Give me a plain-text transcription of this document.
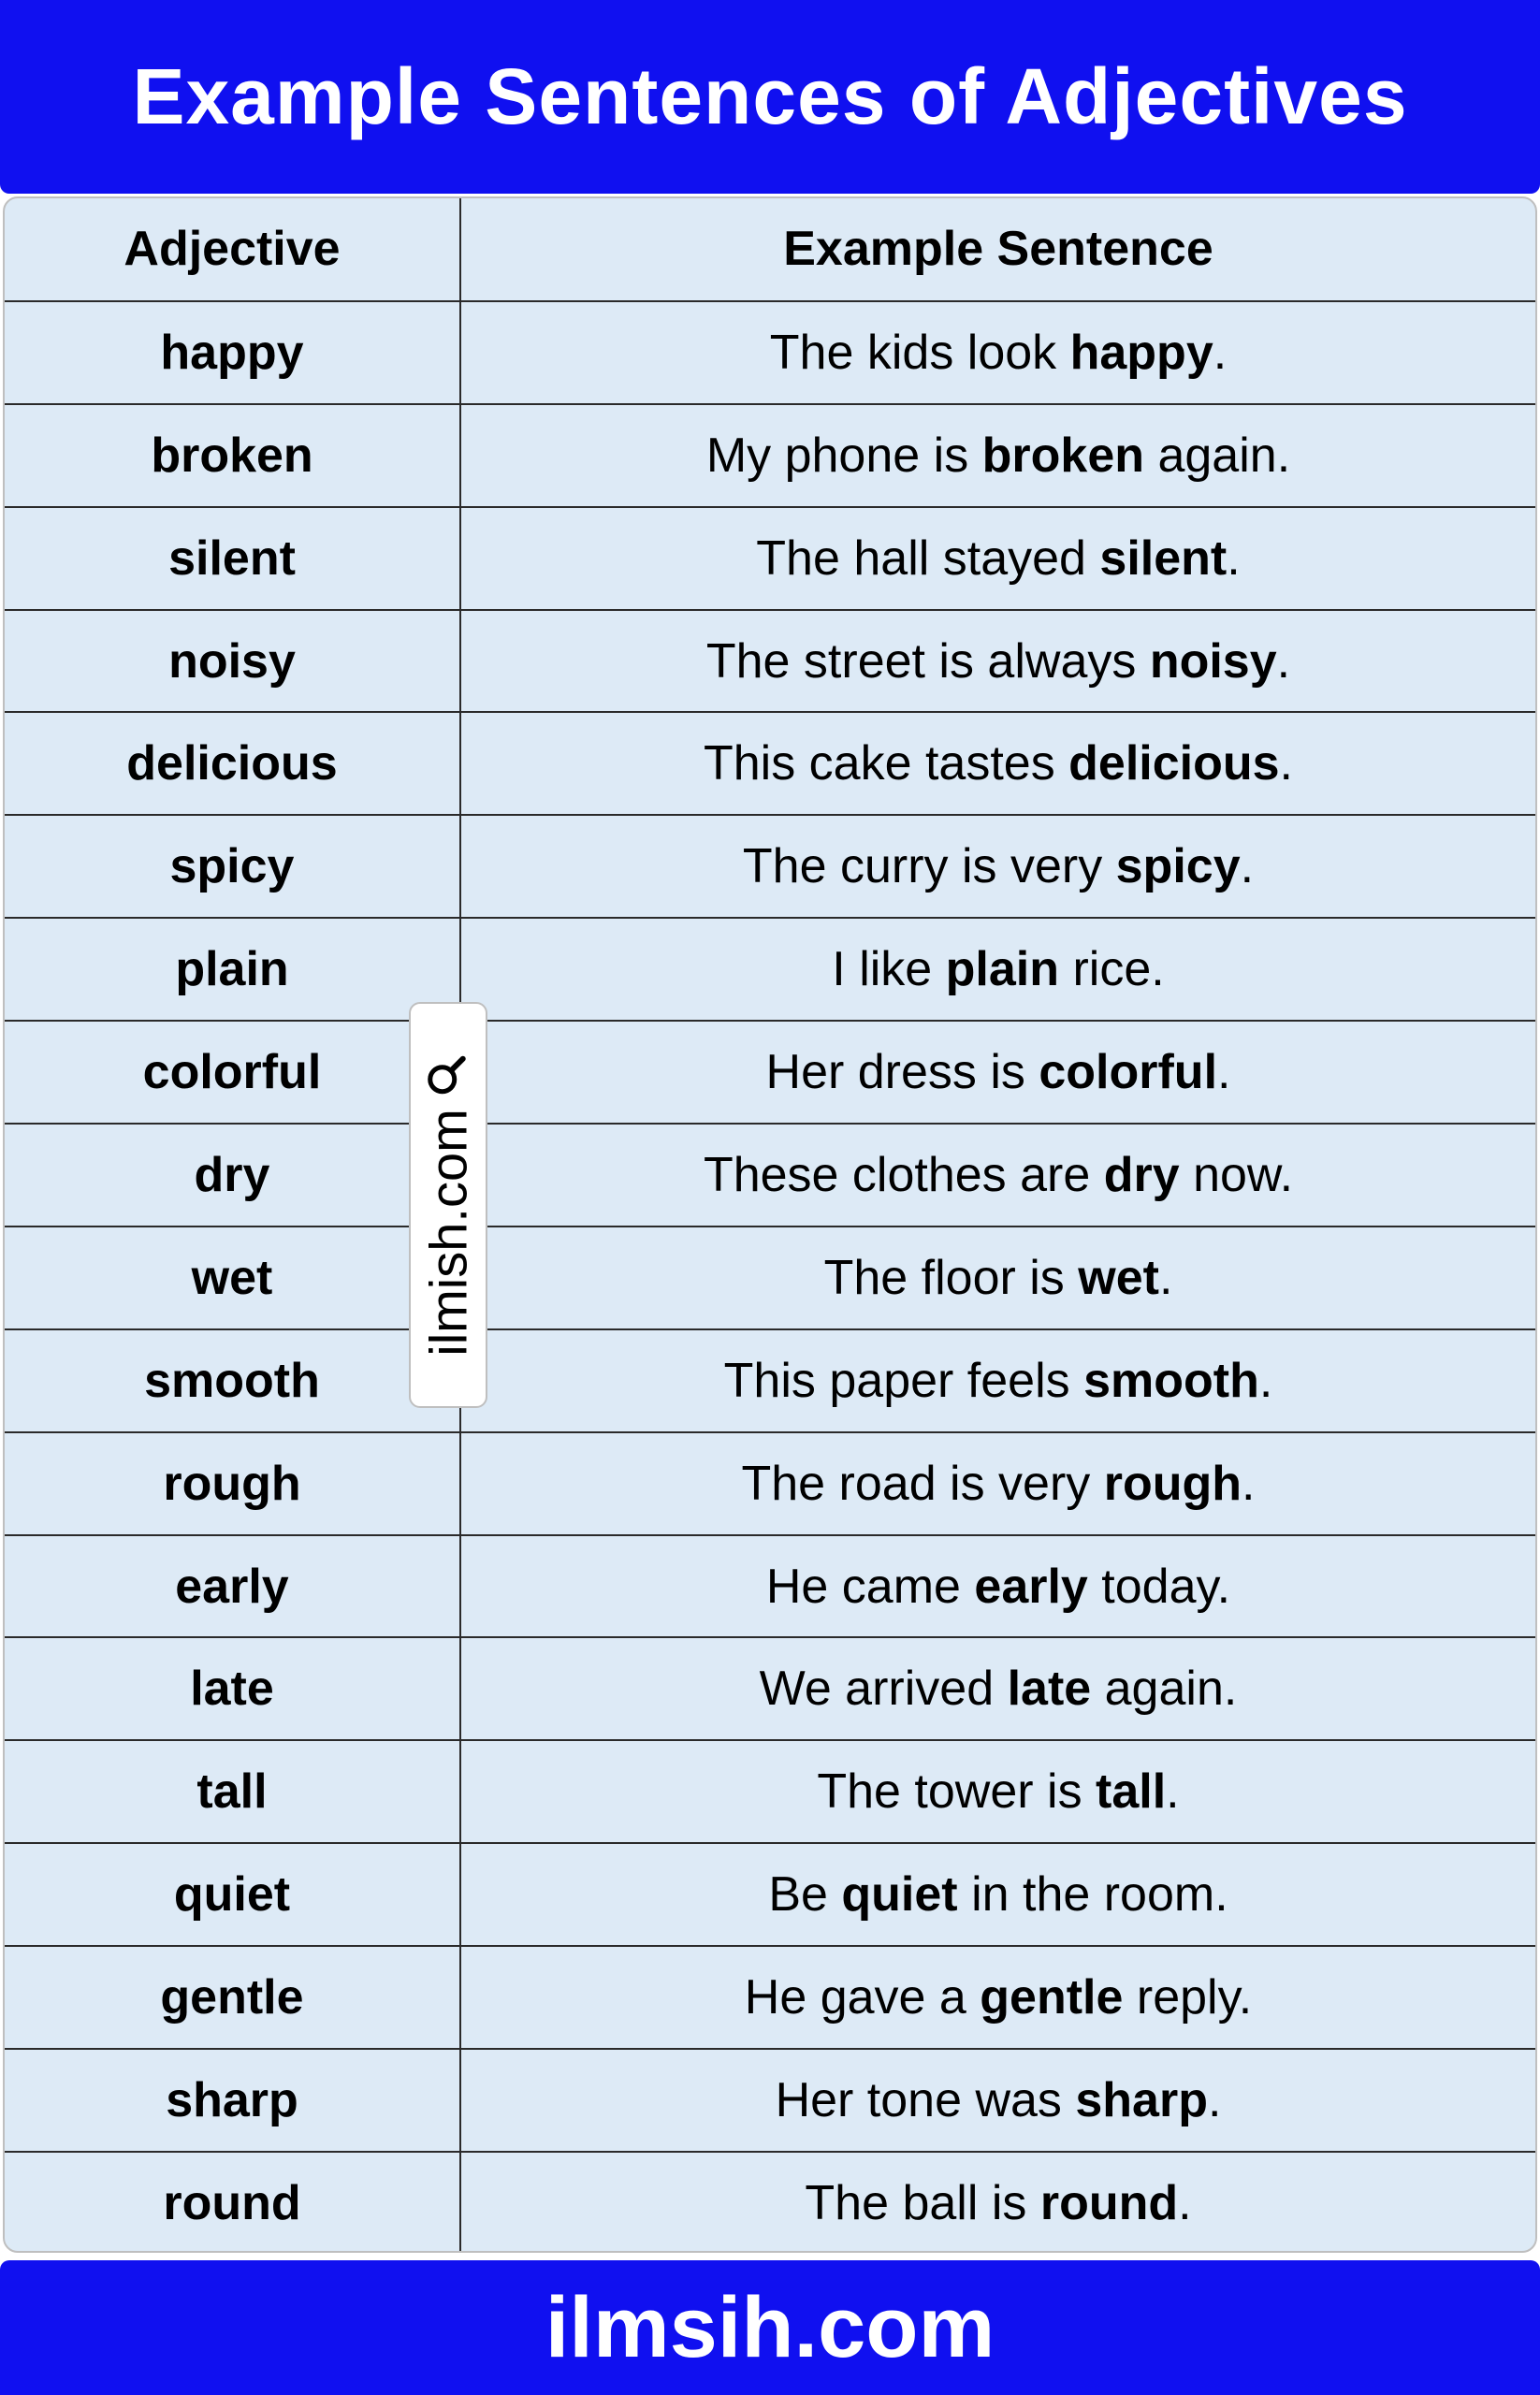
Example Sentences of Adjectives
Adjective	Example Sentence
happy	The kids look happy.
broken	My phone is broken again.
silent	The hall stayed silent.
noisy	The street is always noisy.
delicious	This cake tastes delicious.
spicy	The curry is very spicy.
plain	I like plain rice.
colorful	Her dress is colorful.
dry	These clothes are dry now.
wet	The floor is wet.
smooth	This paper feels smooth.
rough	The road is very rough.
early	He came early today.
late	We arrived late again.
tall	The tower is tall.
quiet	Be quiet in the room.
gentle	He gave a gentle reply.
sharp	Her tone was sharp.
round	The ball is round.
ilmish.com
ilmsih.com
